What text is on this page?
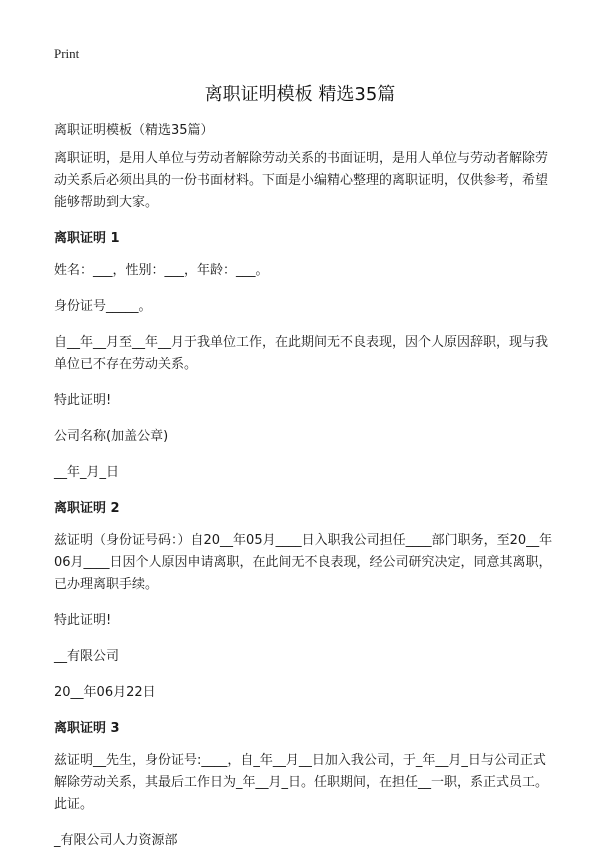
Print
离职证明模板 精选35篇

离职证明模板（精选35篇）

离职证明，是用人单位与劳动者解除劳动关系的书面证明，是用人单位与劳动者解除劳动关系后必须出具的一份书面材料。下面是小编精心整理的离职证明，仅供参考，希望能够帮助到大家。

离职证明 1

姓名：___，性别：___，年龄：___。

身份证号_____。

自__年__月至__年__月于我单位工作，在此期间无不良表现，因个人原因辞职，现与我单位已不存在劳动关系。

特此证明!

公司名称(加盖公章)

__年_月_日

离职证明 2

兹证明（身份证号码：）自20__年05月____日入职我公司担任____部门职务，至20__年06月____日因个人原因申请离职，在此间无不良表现，经公司研究决定，同意其离职，已办理离职手续。

特此证明!

__有限公司

20__年06月22日

离职证明 3

兹证明__先生，身份证号:____，自_年__月__日加入我公司，于_年__月_日与公司正式解除劳动关系，其最后工作日为_年__月_日。任职期间，在担任__一职，系正式员工。此证。

_有限公司人力资源部
